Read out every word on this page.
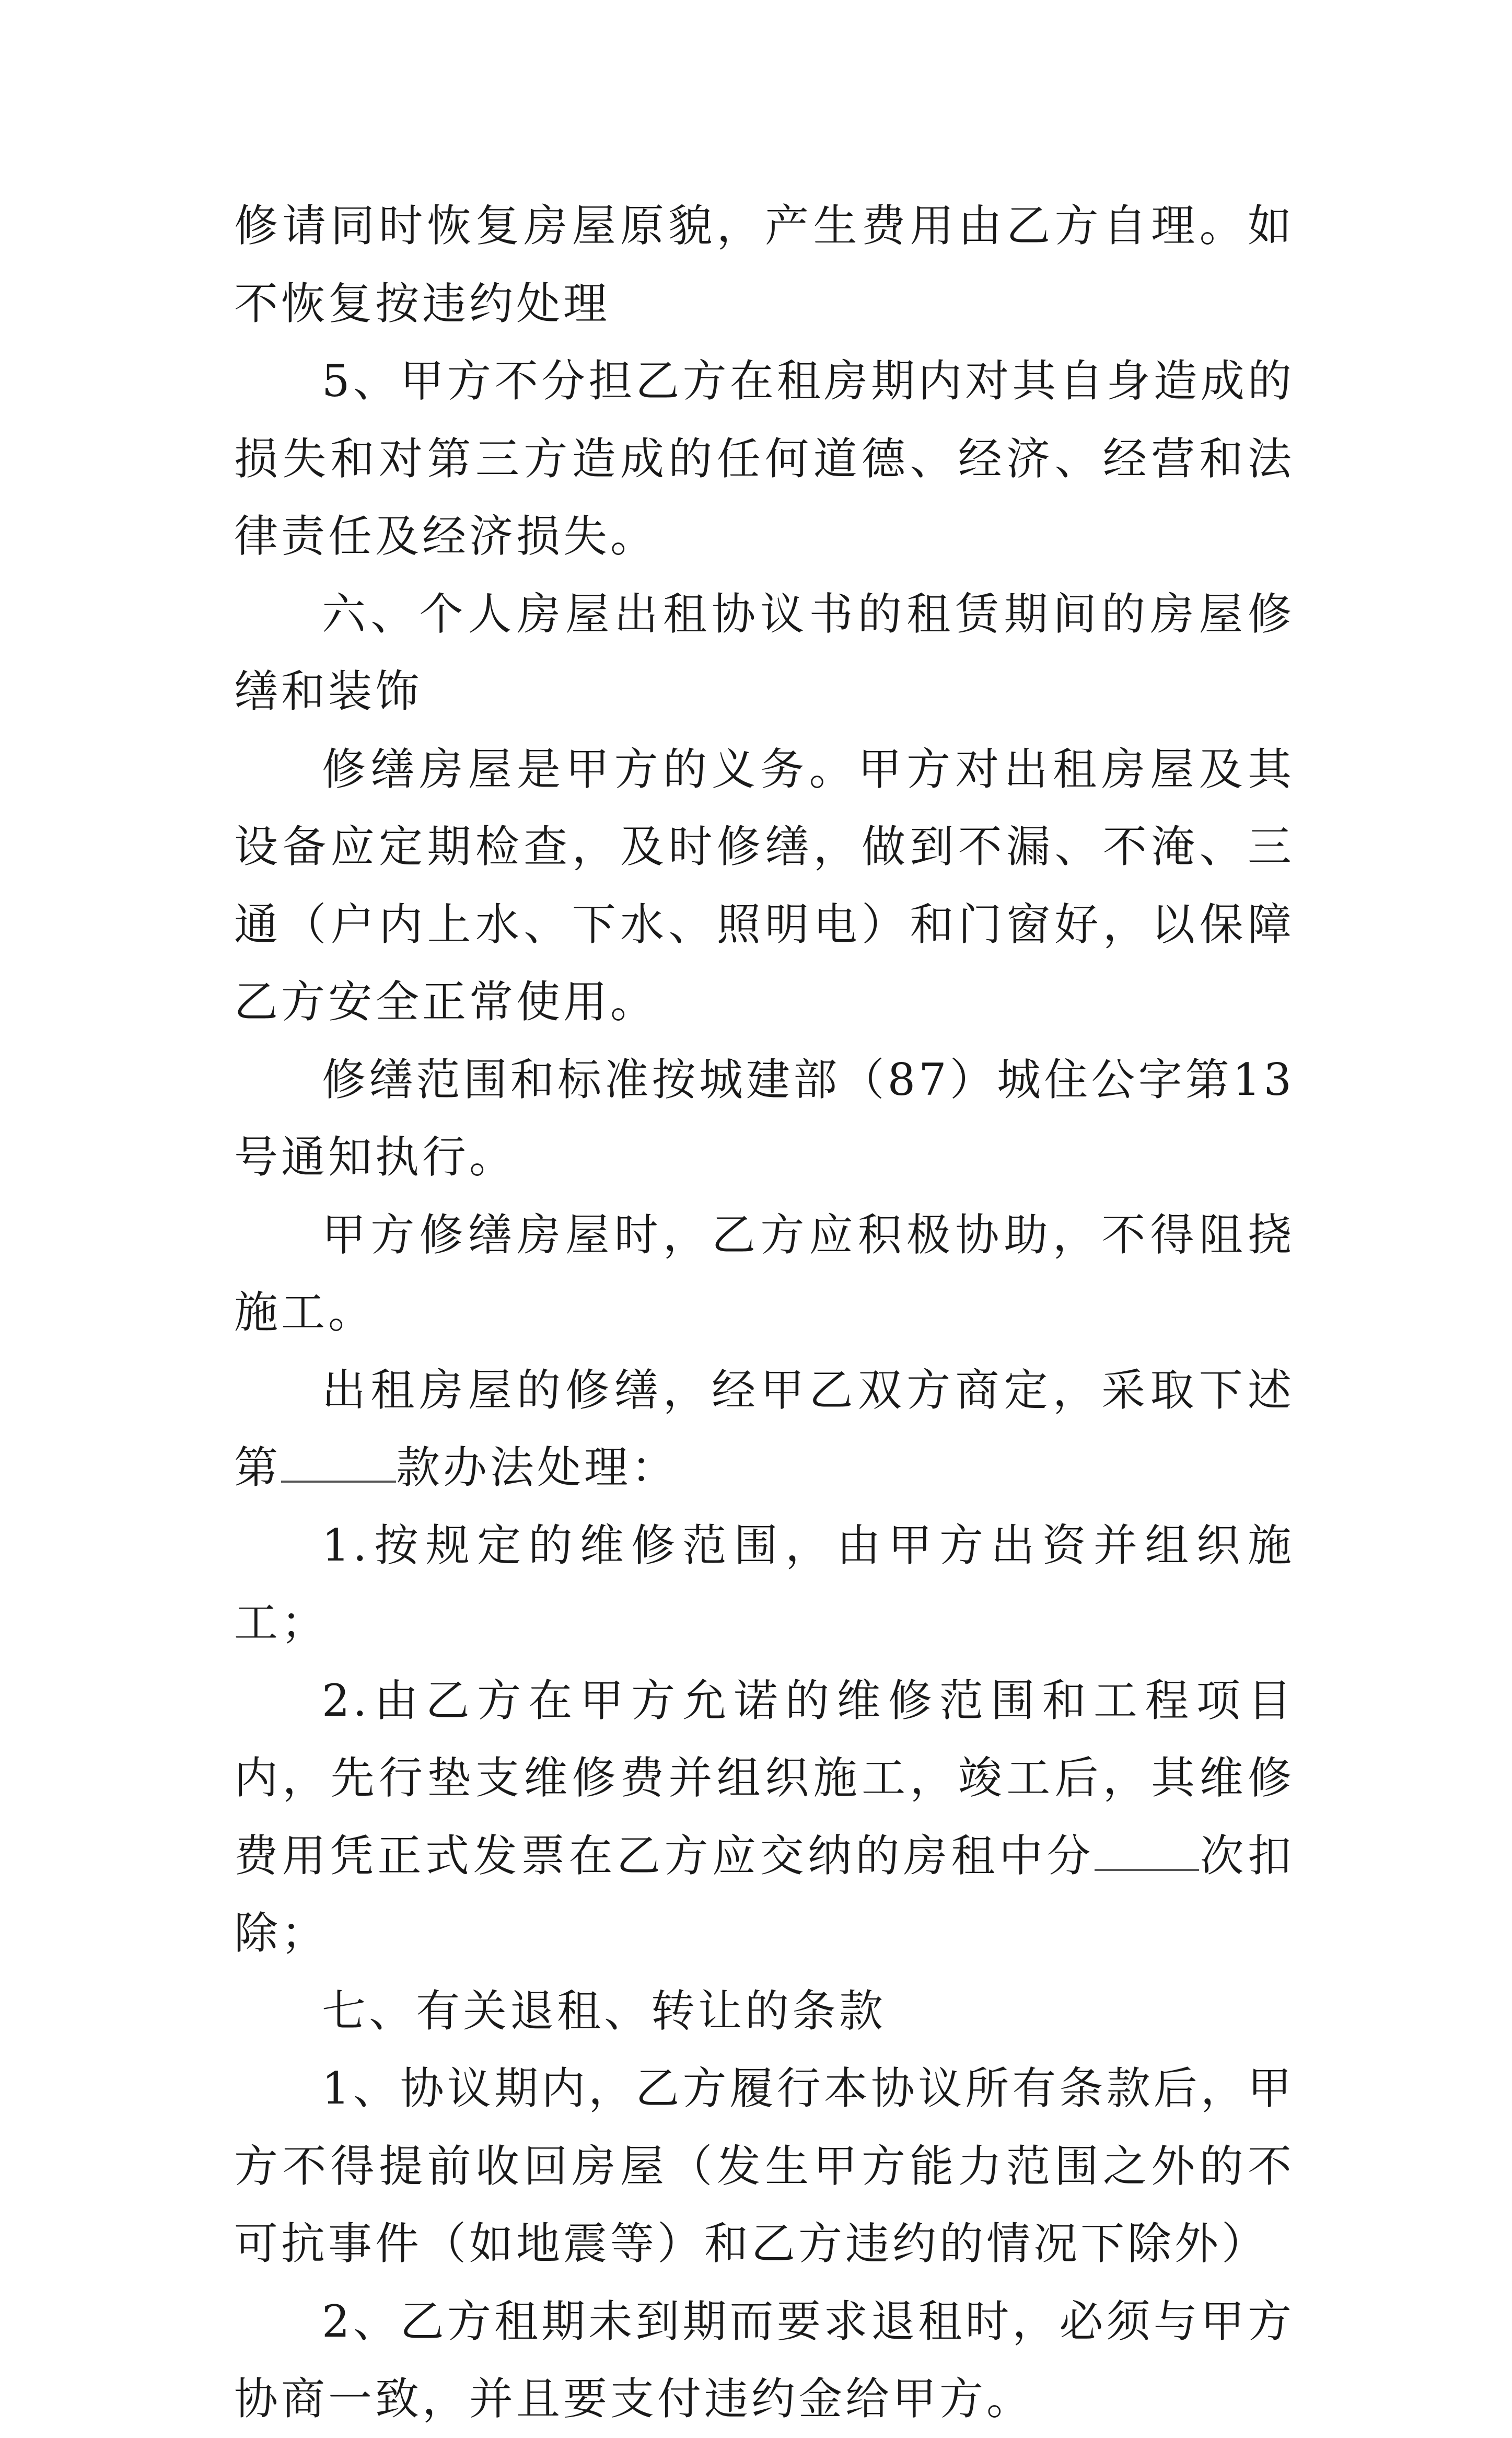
修请同时恢复房屋原貌，产生费用由乙方自理。如不恢复按违约处理

5、甲方不分担乙方在租房期内对其自身造成的损失和对第三方造成的任何道德、经济、经营和法律责任及经济损失。

六、个人房屋出租协议书的租赁期间的房屋修缮和装饰

修缮房屋是甲方的义务。甲方对出租房屋及其设备应定期检查，及时修缮，做到不漏、不淹、三通（户内上水、下水、照明电）和门窗好，以保障乙方安全正常使用。

修缮范围和标准按城建部（87）城住公字第13号通知执行。

甲方修缮房屋时，乙方应积极协助，不得阻挠施工。

出租房屋的修缮，经甲乙双方商定，采取下述第	款办法处理：

1.按规定的维修范围，由甲方出资并组织施工；

2.由乙方在甲方允诺的维修范围和工程项目内，先行垫支维修费并组织施工，竣工后，其维修费用凭正式发票在乙方应交纳的房租中分 次扣除；

七、有关退租、转让的条款

1、协议期内，乙方履行本协议所有条款后，甲方不得提前收回房屋（发生甲方能力范围之外的不可抗事件（如地震等）和乙方违约的情况下除外）

2、乙方租期未到期而要求退租时，必须与甲方协商一致，并且要支付违约金给甲方。
